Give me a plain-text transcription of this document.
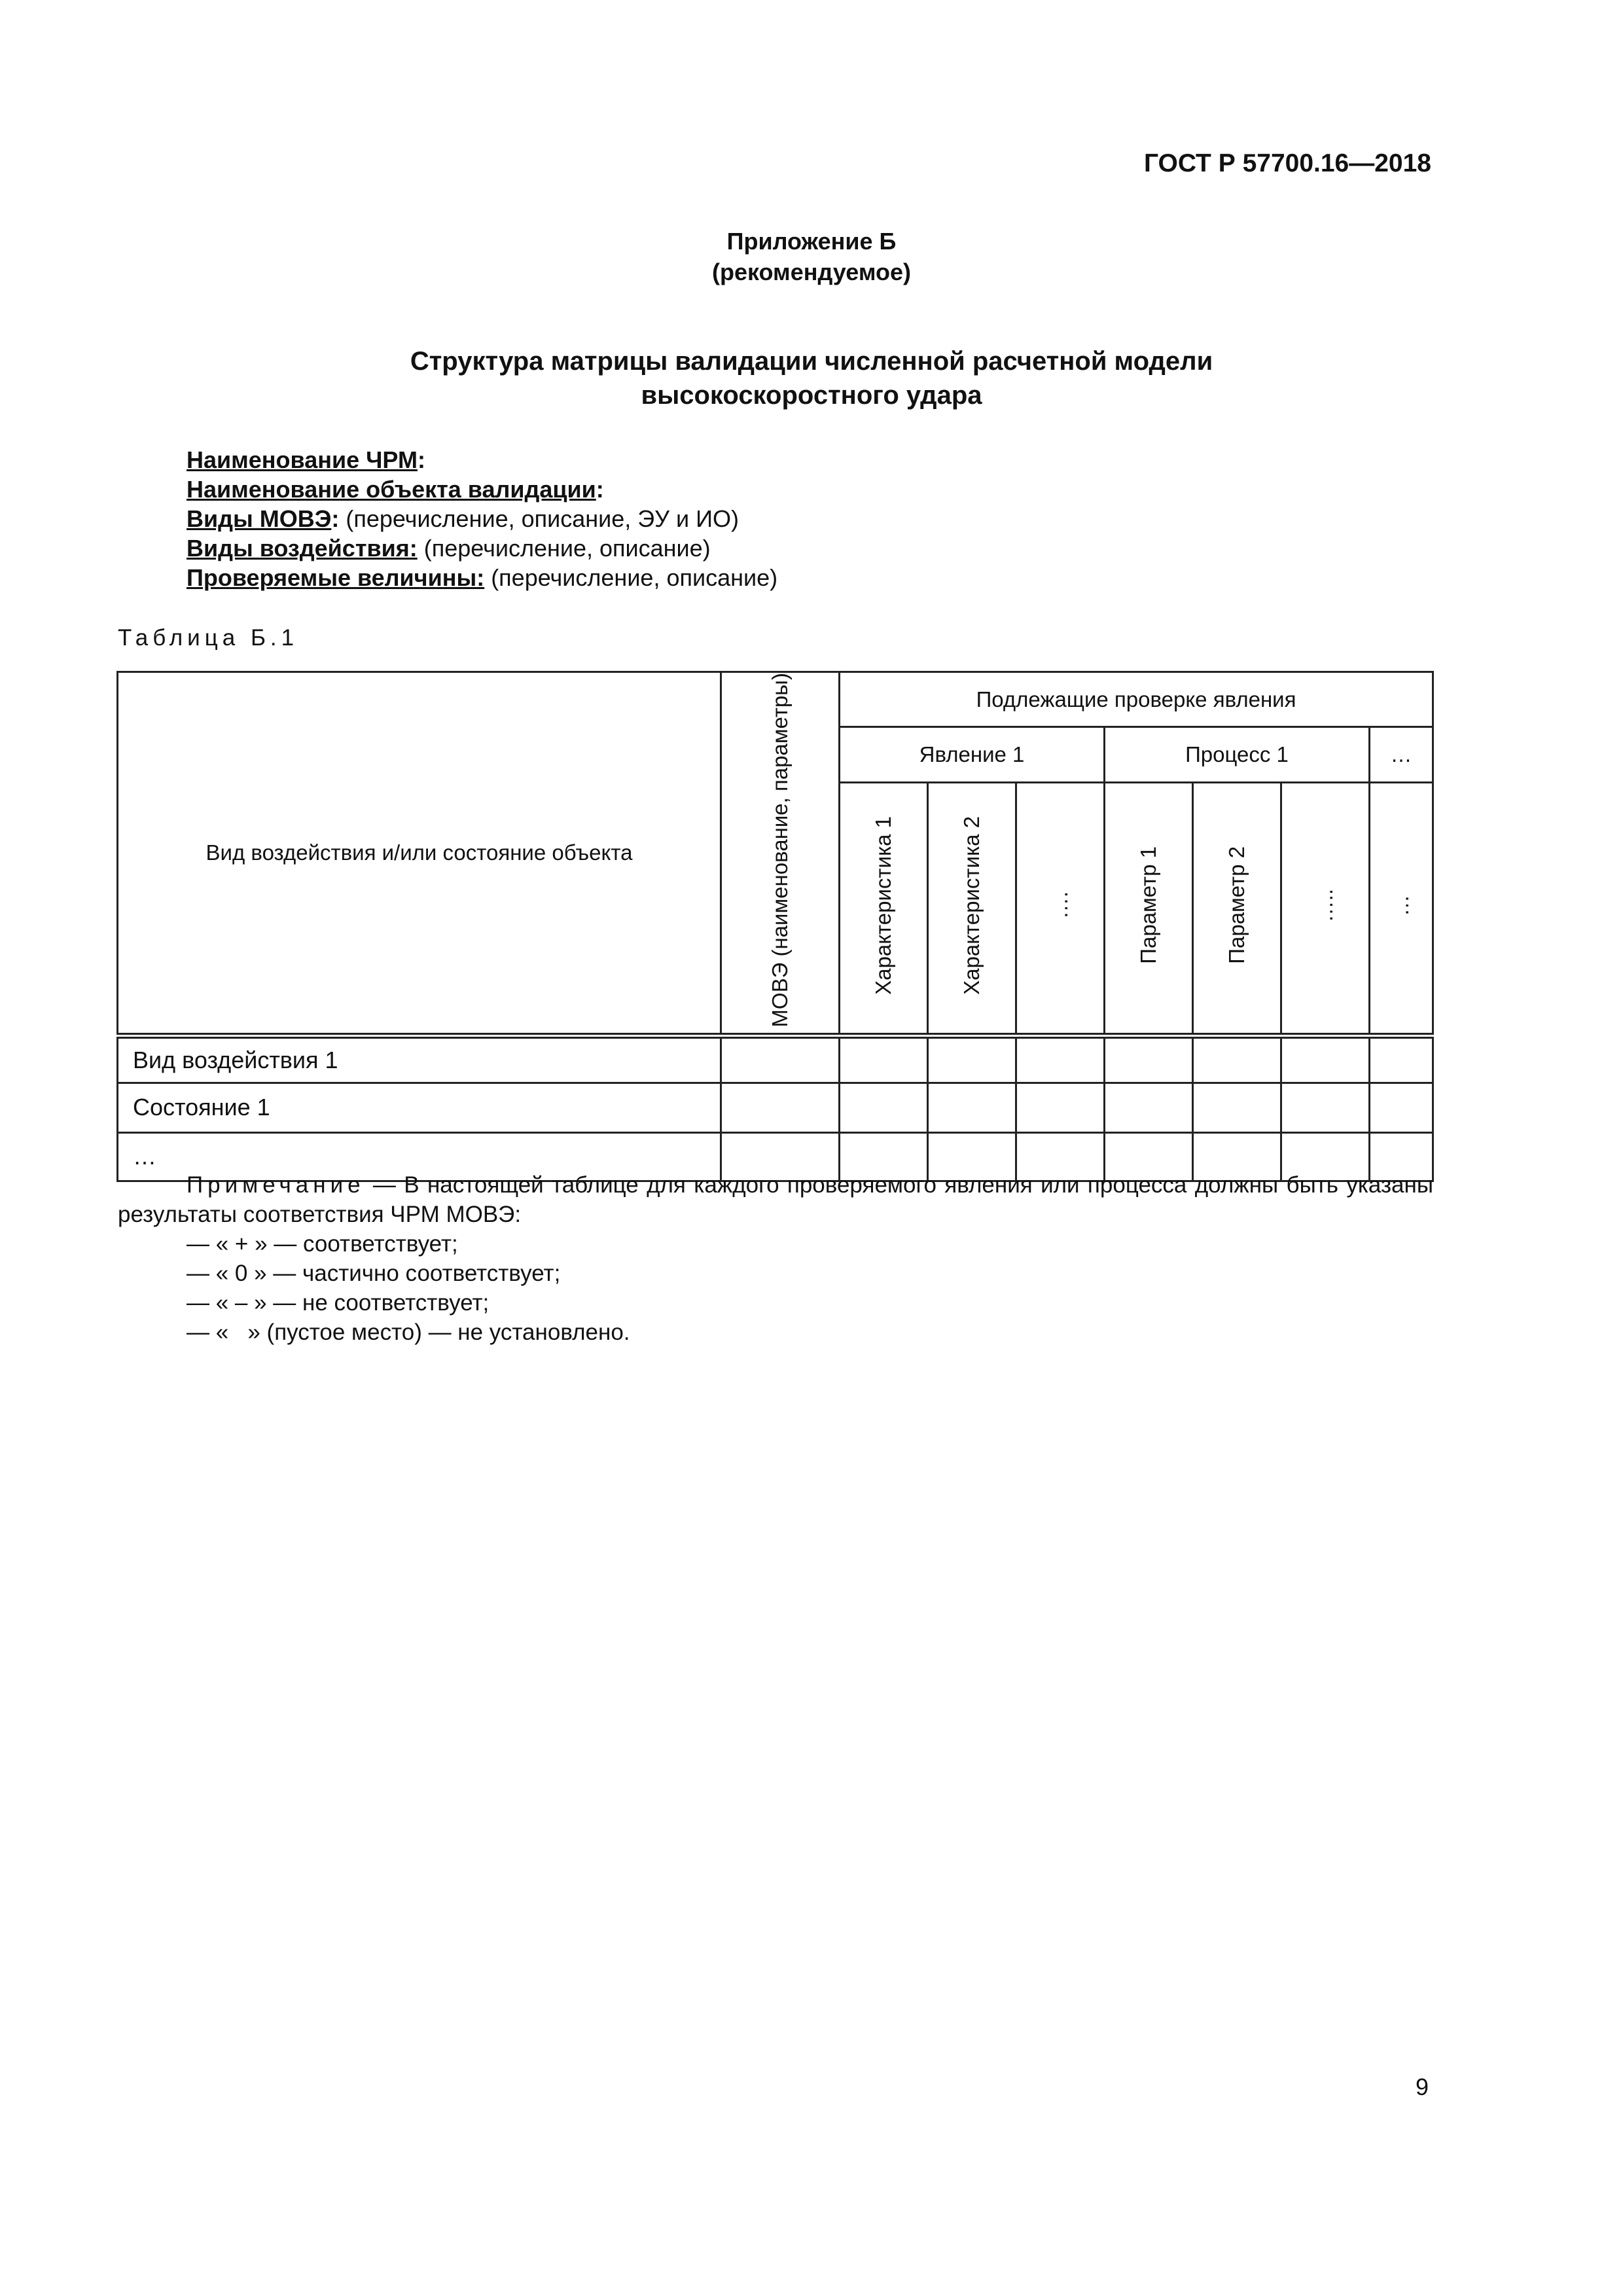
ГОСТ Р 57700.16—2018
Приложение Б
(рекомендуемое)
Структура матрицы валидации численной расчетной модели
высокоскоростного удара
Наименование ЧРМ:
Наименование объекта валидации:
Виды МОВЭ: (перечисление, описание, ЭУ и ИО)
Виды воздействия: (перечисление, описание)
Проверяемые величины: (перечисление, описание)
Таблица Б.1
Вид воздействия и/или состояние объекта	МОВЭ (наименование, параметры)	Подлежащие проверке явления						
		Явление 1			Процесс 1			…
		Характеристика 1	Характеристика 2	….	Параметр 1	Параметр 2	…..	…
Вид воздействия 1								
Состояние 1								
…								
Примечание — В настоящей таблице для каждого проверяемого явления или процесса должны быть указаны результаты соответствия ЧРМ МОВЭ:
— « + » — соответствует;
— « 0 » — частично соответствует;
— « – » — не соответствует;
— «   » (пустое место) — не установлено.
9
